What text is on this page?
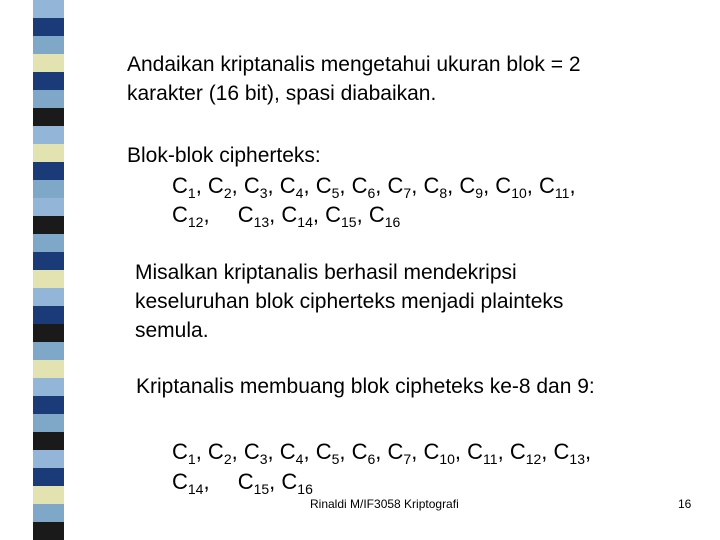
Andaikan kriptanalis mengetahui ukuran blok = 2
karakter (16 bit), spasi diabaikan.

Blok-blok cipherteks:

$C_1$, $C_2$, $C_3$, $C_4$, $C_5$, $C_6$, $C_7$, $C_8$, $C_9$, $C_{10}$, $C_{11}$,
$C_{12}$, $C_{13}$, $C_{14}$, $C_{15}$, $C_{16}$

Misalkan kriptanalis berhasil mendekripsi
keseluruhan blok cipherteks menjadi plainteks
semula.

Kriptanalis membuang blok cipheteks ke-8 dan 9:

$C_1$, $C_2$, $C_3$, $C_4$, $C_5$, $C_6$, $C_7$, $C_{10}$, $C_{11}$, $C_{12}$, $C_{13}$,
$C_{14}$, $C_{15}$, $C_{16}$
Rinaldi M/IF3058 Kriptografi	16
